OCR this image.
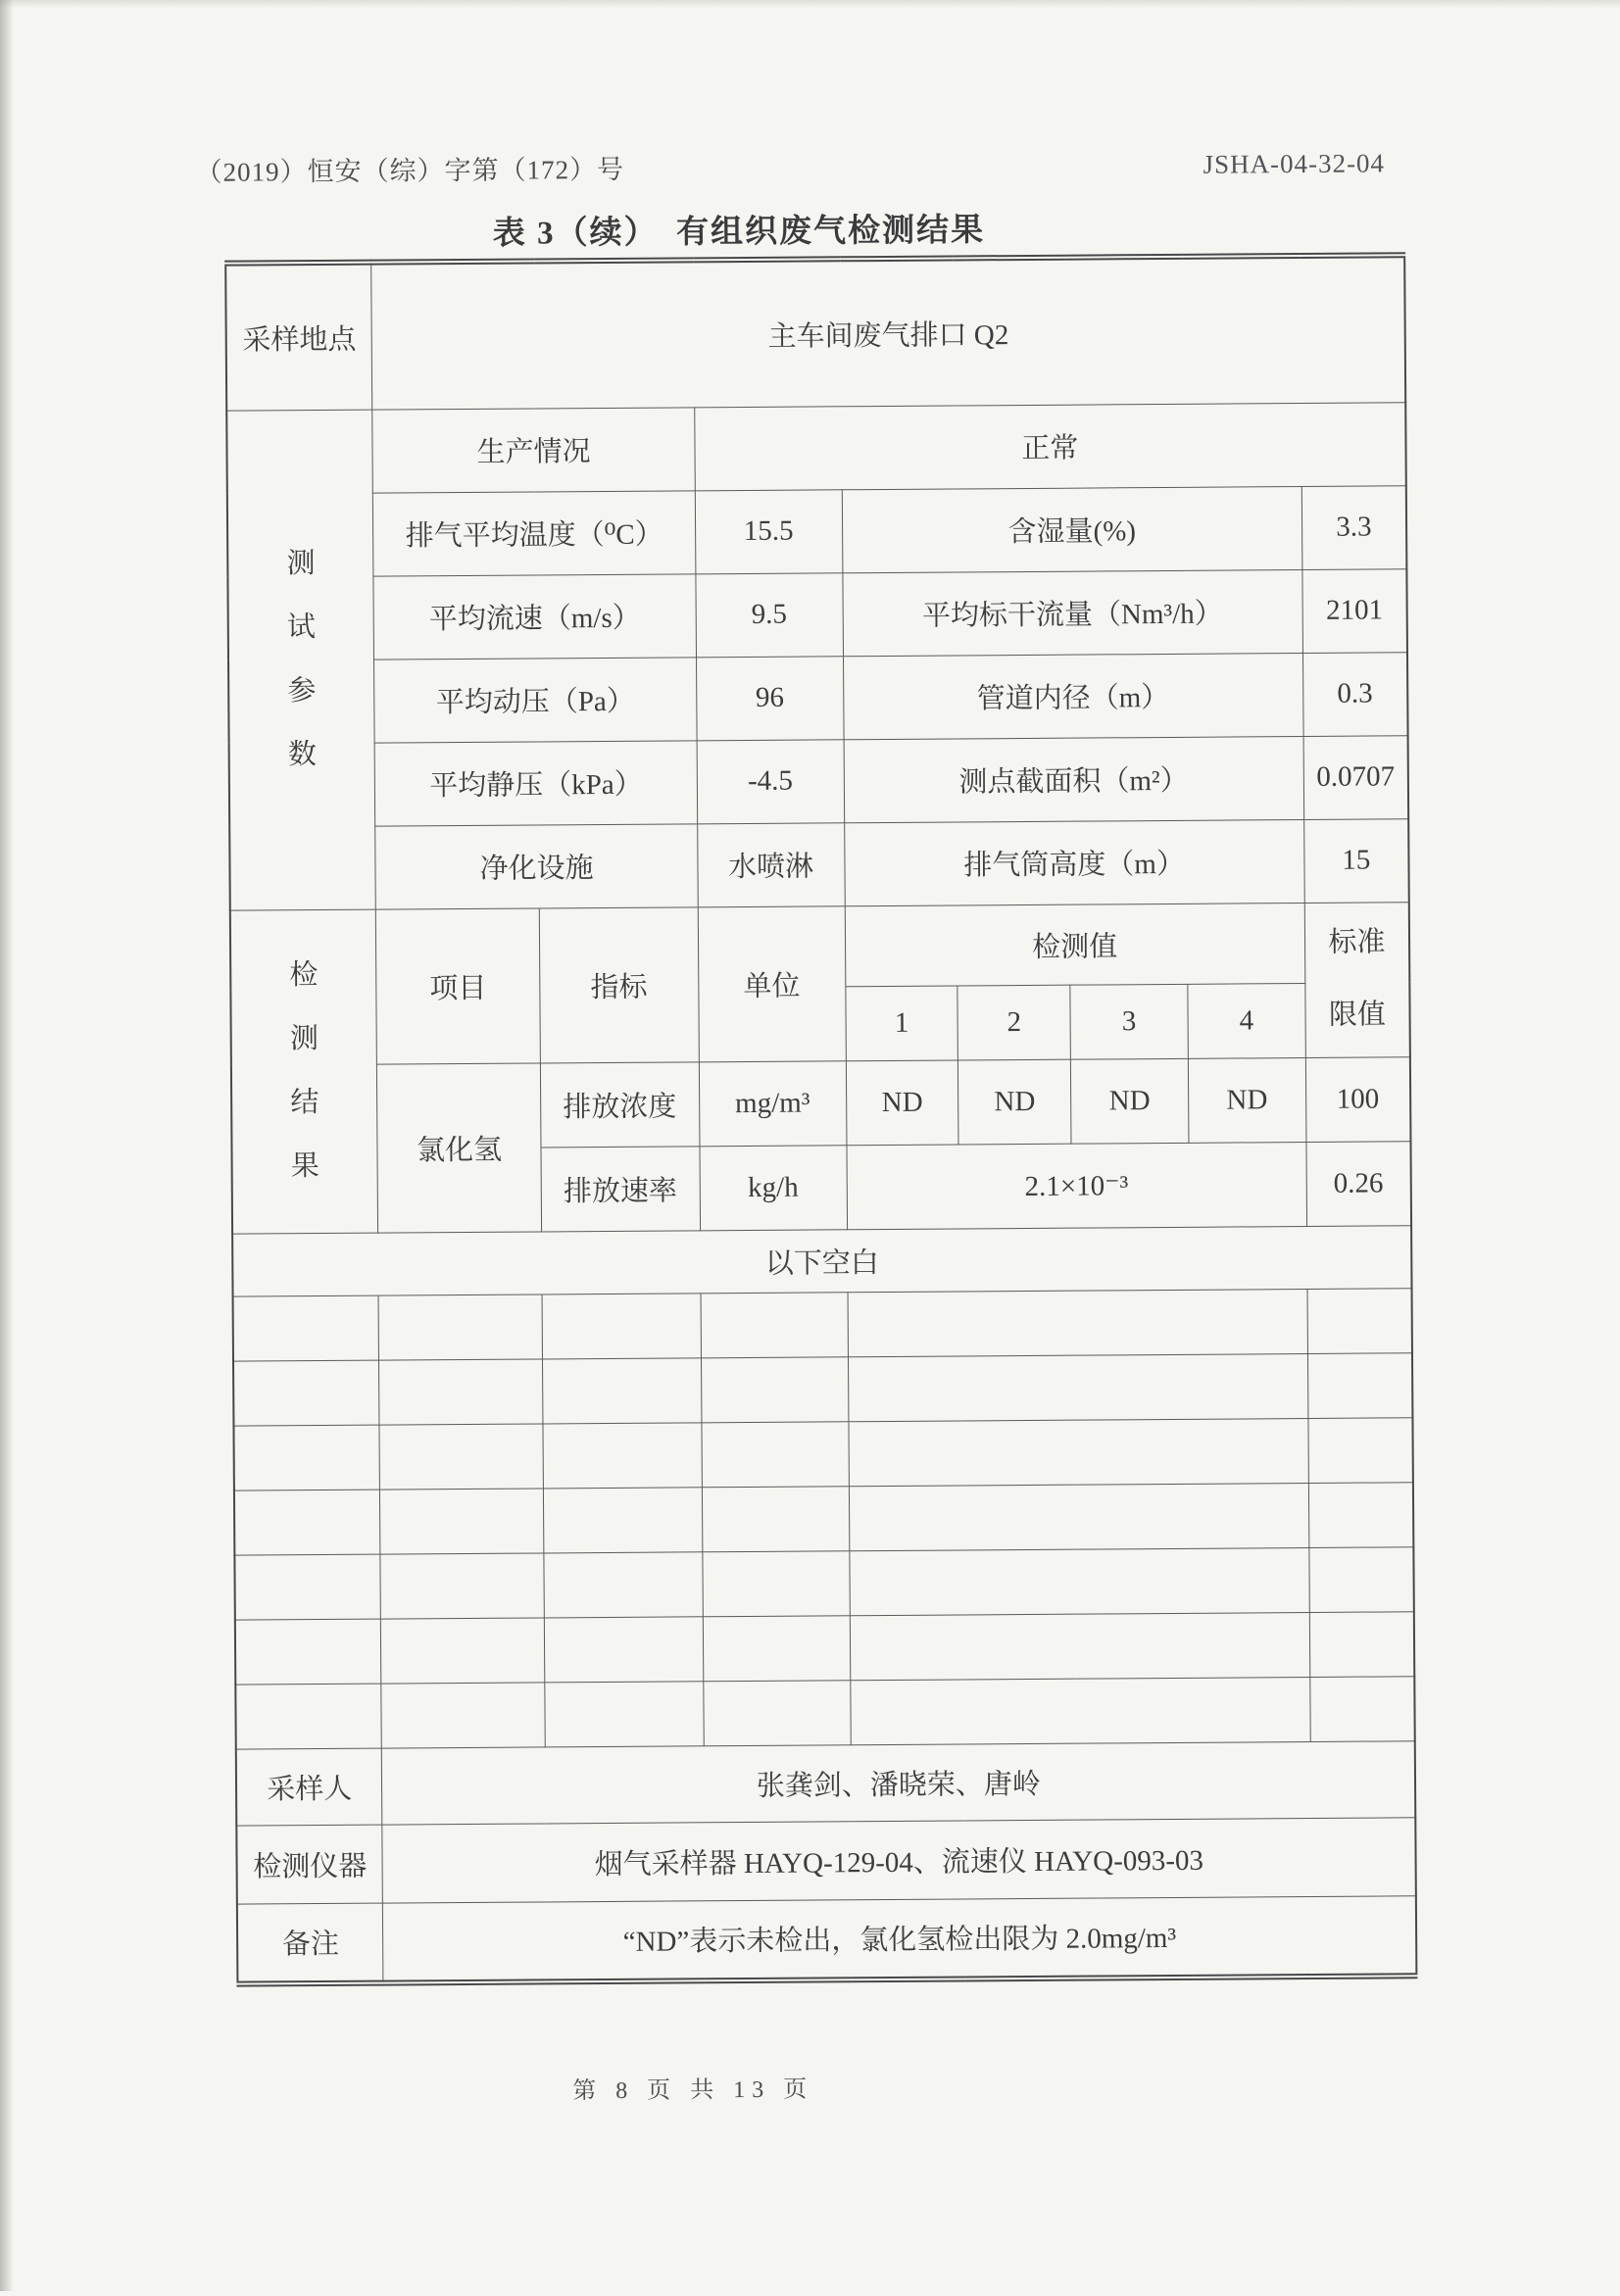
（2019）恒安（综）字第（172）号	JSHA-04-32-04
表 3（续）　有组织废气检测结果
采样地点	主车间废气排口 Q2							
测试参数	生产情况		正常					
	排气平均温度（⁰C）		15.5	含湿量(%)				3.3
	平均流速（m/s）		9.5	平均标干流量（Nm³/h）				2101
	平均动压（Pa）		96	管道内径（m）				0.3
	平均静压（kPa）		-4.5	测点截面积（m²）				0.0707
	净化设施		水喷淋	排气筒高度（m）				15
检测结果	项目	指标	单位	检测值				标准
限值

				1	2	3	4	
	氯化氢	排放浓度	mg/m³	ND	ND	ND	ND	100
		排放速率	kg/h	2.1×10⁻³				0.26
以下空白								

采样人	张龚剑、潘晓荣、唐岭							
检测仪器	烟气采样器 HAYQ-129-04、流速仪 HAYQ-093-03							
备注	“ND”表示未检出，氯化氢检出限为 2.0mg/m³							
第 8 页 共 13 页
